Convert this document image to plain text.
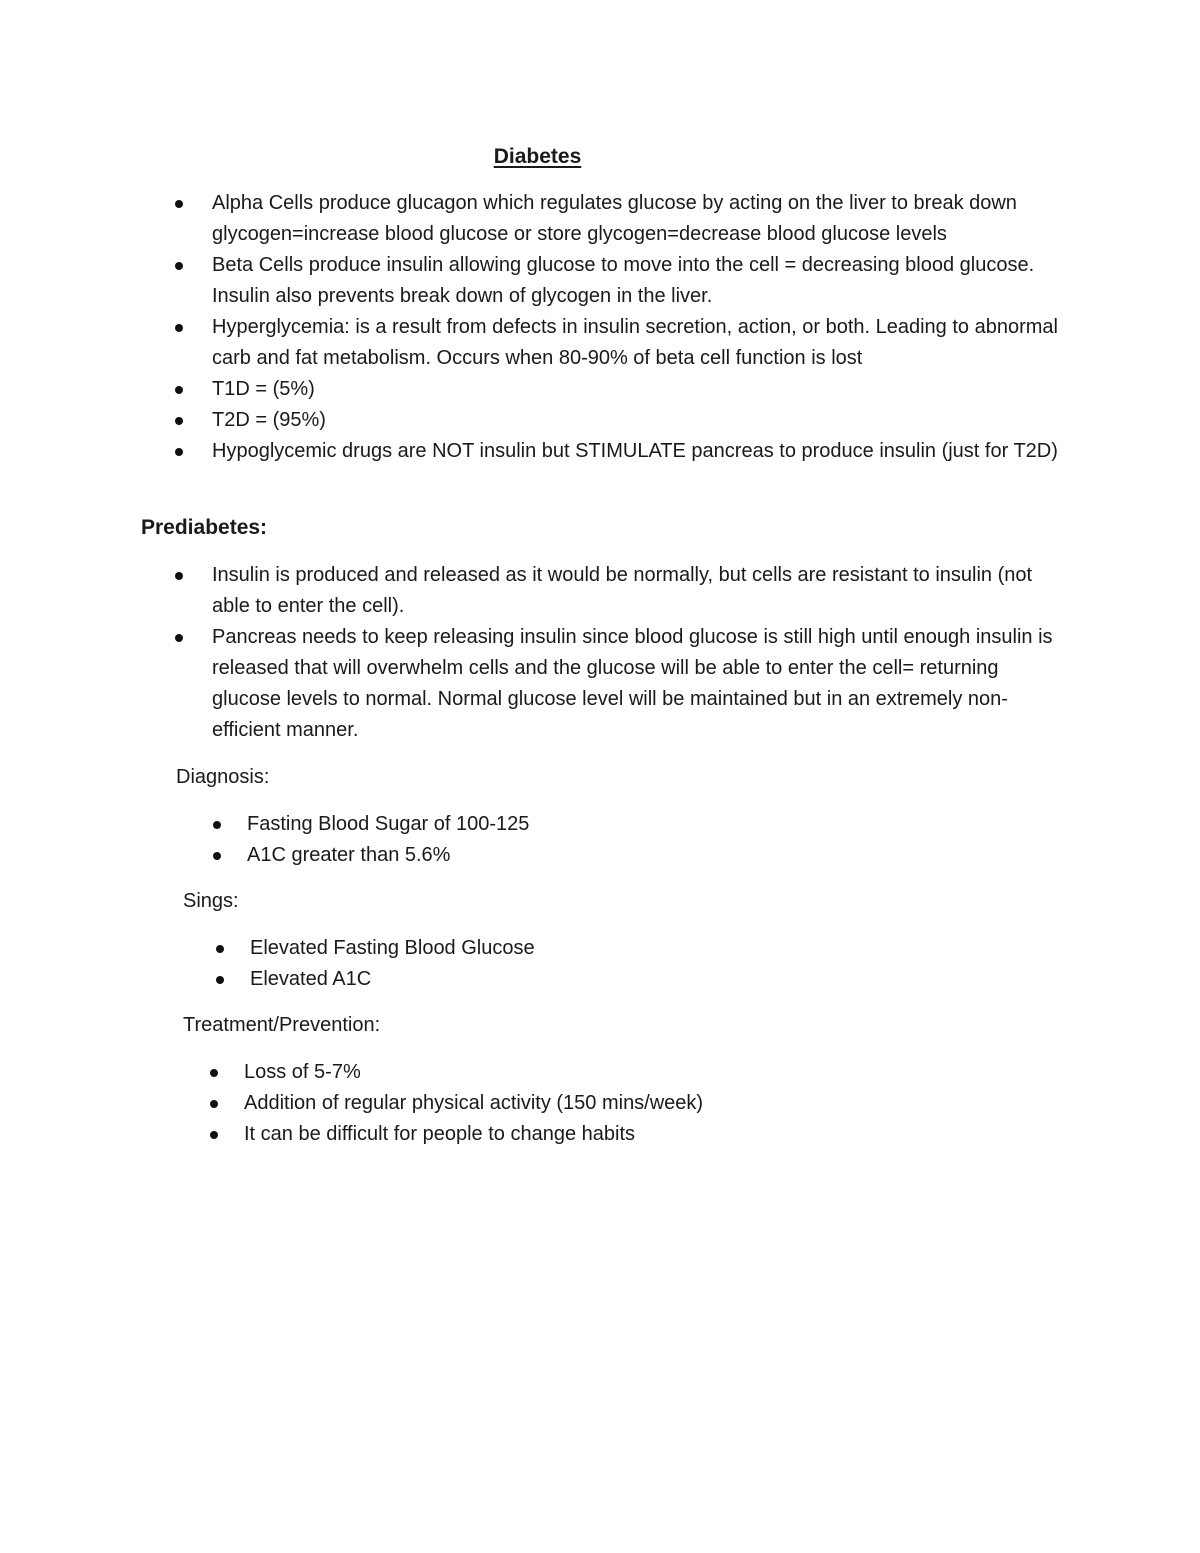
Diabetes
Alpha Cells produce glucagon which regulates glucose by acting on the liver to break down glycogen=increase blood glucose or store glycogen=decrease blood glucose levels
Beta Cells produce insulin allowing glucose to move into the cell = decreasing blood glucose. Insulin also prevents break down of glycogen in the liver.
Hyperglycemia: is a result from defects in insulin secretion, action, or both. Leading to abnormal carb and fat metabolism. Occurs when 80-90% of beta cell function is lost
T1D = (5%)
T2D = (95%)
Hypoglycemic drugs are NOT insulin but STIMULATE pancreas to produce insulin (just for T2D)
Prediabetes:
Insulin is produced and released as it would be normally, but cells are resistant to insulin (not able to enter the cell).
Pancreas needs to keep releasing insulin since blood glucose is still high until enough insulin is released that will overwhelm cells and the glucose will be able to enter the cell= returning glucose levels to normal. Normal glucose level will be maintained but in an extremely non-efficient manner.
Diagnosis:
Fasting Blood Sugar of 100-125
A1C greater than 5.6%
Sings:
Elevated Fasting Blood Glucose
Elevated A1C
Treatment/Prevention:
Loss of 5-7%
Addition of regular physical activity (150 mins/week)
It can be difficult for people to change habits
